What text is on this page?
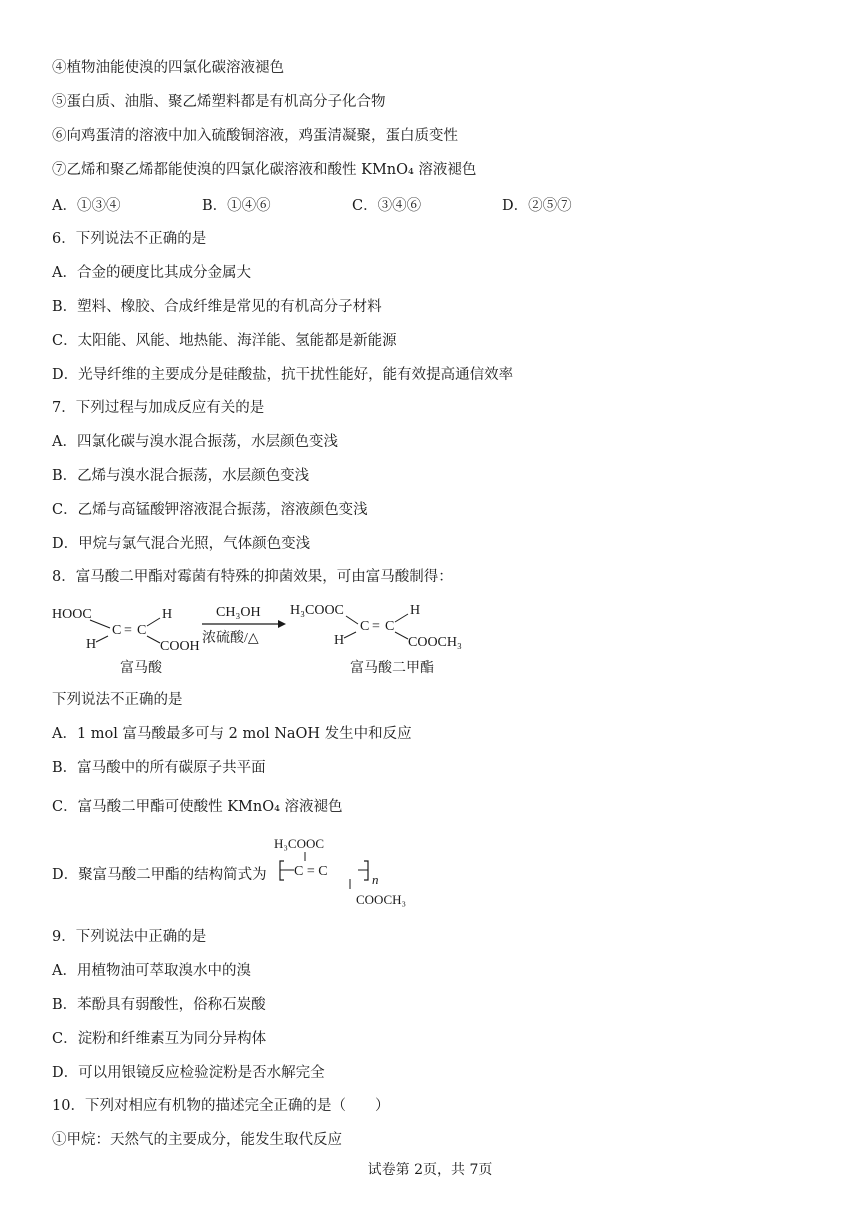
④植物油能使溴的四氯化碳溶液褪色
⑤蛋白质、油脂、聚乙烯塑料都是有机高分子化合物
⑥向鸡蛋清的溶液中加入硫酸铜溶液，鸡蛋清凝聚，蛋白质变性
⑦乙烯和聚乙烯都能使溴的四氯化碳溶液和酸性 KMnO₄ 溶液褪色
A．①③④	B．①④⑥	C．③④⑥	D．②⑤⑦
6．下列说法不正确的是
A．合金的硬度比其成分金属大
B．塑料、橡胶、合成纤维是常见的有机高分子材料
C．太阳能、风能、地热能、海洋能、氢能都是新能源
D．光导纤维的主要成分是硅酸盐，抗干扰性能好，能有效提高通信效率
7．下列过程与加成反应有关的是
A．四氯化碳与溴水混合振荡，水层颜色变浅
B．乙烯与溴水混合振荡，水层颜色变浅
C．乙烯与高锰酸钾溶液混合振荡，溶液颜色变浅
D．甲烷与氯气混合光照，气体颜色变浅
8．富马酸二甲酯对霉菌有特殊的抑菌效果，可由富马酸制得：
HOOC
C = C
H
H	COOH
富马酸
CH₃OH
浓硫酸/△
H₃COOC
C = C
H
H	COOCH₃
富马酸二甲酯
下列说法不正确的是
A．1 mol 富马酸最多可与 2 mol NaOH 发生中和反应
B．富马酸中的所有碳原子共平面
C．富马酸二甲酯可使酸性 KMnO₄ 溶液褪色
D．聚富马酸二甲酯的结构简式为
H₃COOC
C = C
n
COOCH₃
9．下列说法中正确的是
A．用植物油可萃取溴水中的溴
B．苯酚具有弱酸性，俗称石炭酸
C．淀粉和纤维素互为同分异构体
D．可以用银镜反应检验淀粉是否水解完全
10．下列对相应有机物的描述完全正确的是（　　）
①甲烷：天然气的主要成分，能发生取代反应
试卷第 2页，共 7页
